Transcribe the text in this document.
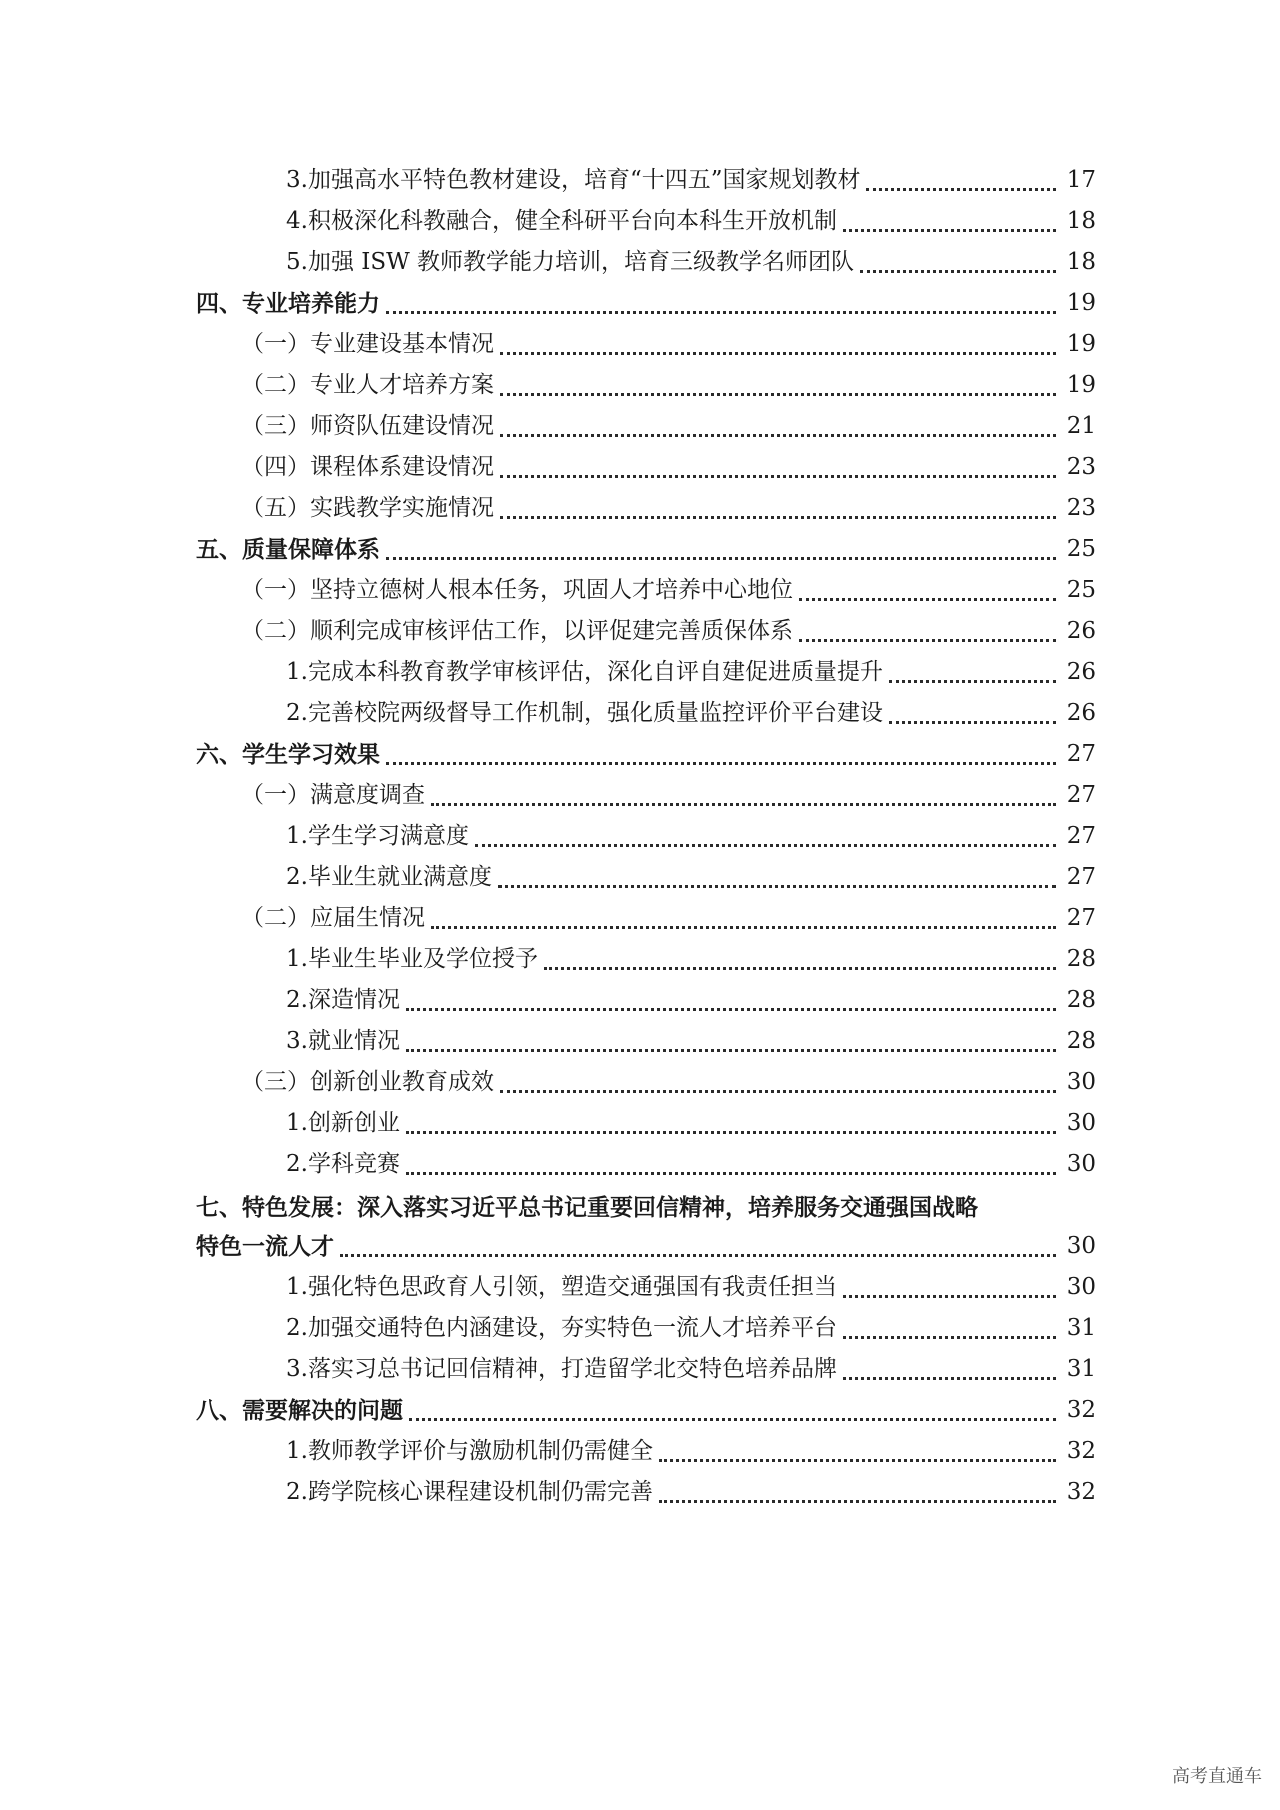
3.加强高水平特色教材建设，培育“十四五”国家规划教材	17
4.积极深化科教融合，健全科研平台向本科生开放机制	18
5.加强 ISW 教师教学能力培训，培育三级教学名师团队	18
四、专业培养能力	19
（一）专业建设基本情况	19
（二）专业人才培养方案	19
（三）师资队伍建设情况	21
（四）课程体系建设情况	23
（五）实践教学实施情况	23
五、质量保障体系	25
（一）坚持立德树人根本任务，巩固人才培养中心地位	25
（二）顺利完成审核评估工作，以评促建完善质保体系	26
1.完成本科教育教学审核评估，深化自评自建促进质量提升	26
2.完善校院两级督导工作机制，强化质量监控评价平台建设	26
六、学生学习效果	27
（一）满意度调查	27
1.学生学习满意度	27
2.毕业生就业满意度	27
（二）应届生情况	27
1.毕业生毕业及学位授予	28
2.深造情况	28
3.就业情况	28
（三）创新创业教育成效	30
1.创新创业	30
2.学科竞赛	30
七、特色发展：深入落实习近平总书记重要回信精神，培养服务交通强国战略
特色一流人才	30
1.强化特色思政育人引领，塑造交通强国有我责任担当	30
2.加强交通特色内涵建设，夯实特色一流人才培养平台	31
3.落实习总书记回信精神，打造留学北交特色培养品牌	31
八、需要解决的问题	32
1.教师教学评价与激励机制仍需健全	32
2.跨学院核心课程建设机制仍需完善	32
高考直通车
